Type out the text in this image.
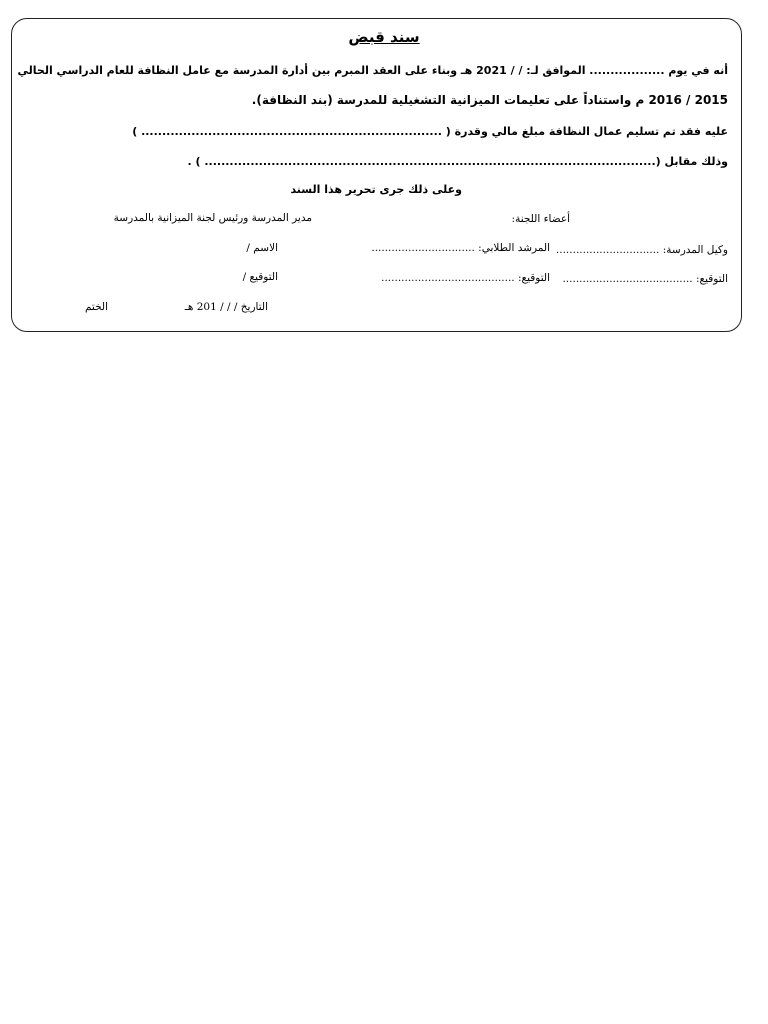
سند قبض
أنه في يوم .................. الموافق لـ: / / 2021 هـ وبناء على العقد المبرم بين أدارة المدرسة مع عامل النظافة للعام الدراسي الحالي
2015 / 2016 م واستناداً على تعليمات الميزانية التشغيلية للمدرسة (بند النظافة).
عليه فقد تم تسليم عمال النظافة مبلغ مالي وقدرة ( ........................................................................ )
وذلك مقابل (............................................................................................................ ) .
وعلى ذلك جرى تحرير هذا السند
أعضاء اللجنة:
مدير المدرسة ورئيس لجنة الميزانية بالمدرسة
وكيل المدرسة: ...............................
المرشد الطلابي: ...............................
الاسم /
التوقيع: .......................................
التوقيع: ........................................
التوقيع /
التاريخ / / / 201 هـ
الختم
